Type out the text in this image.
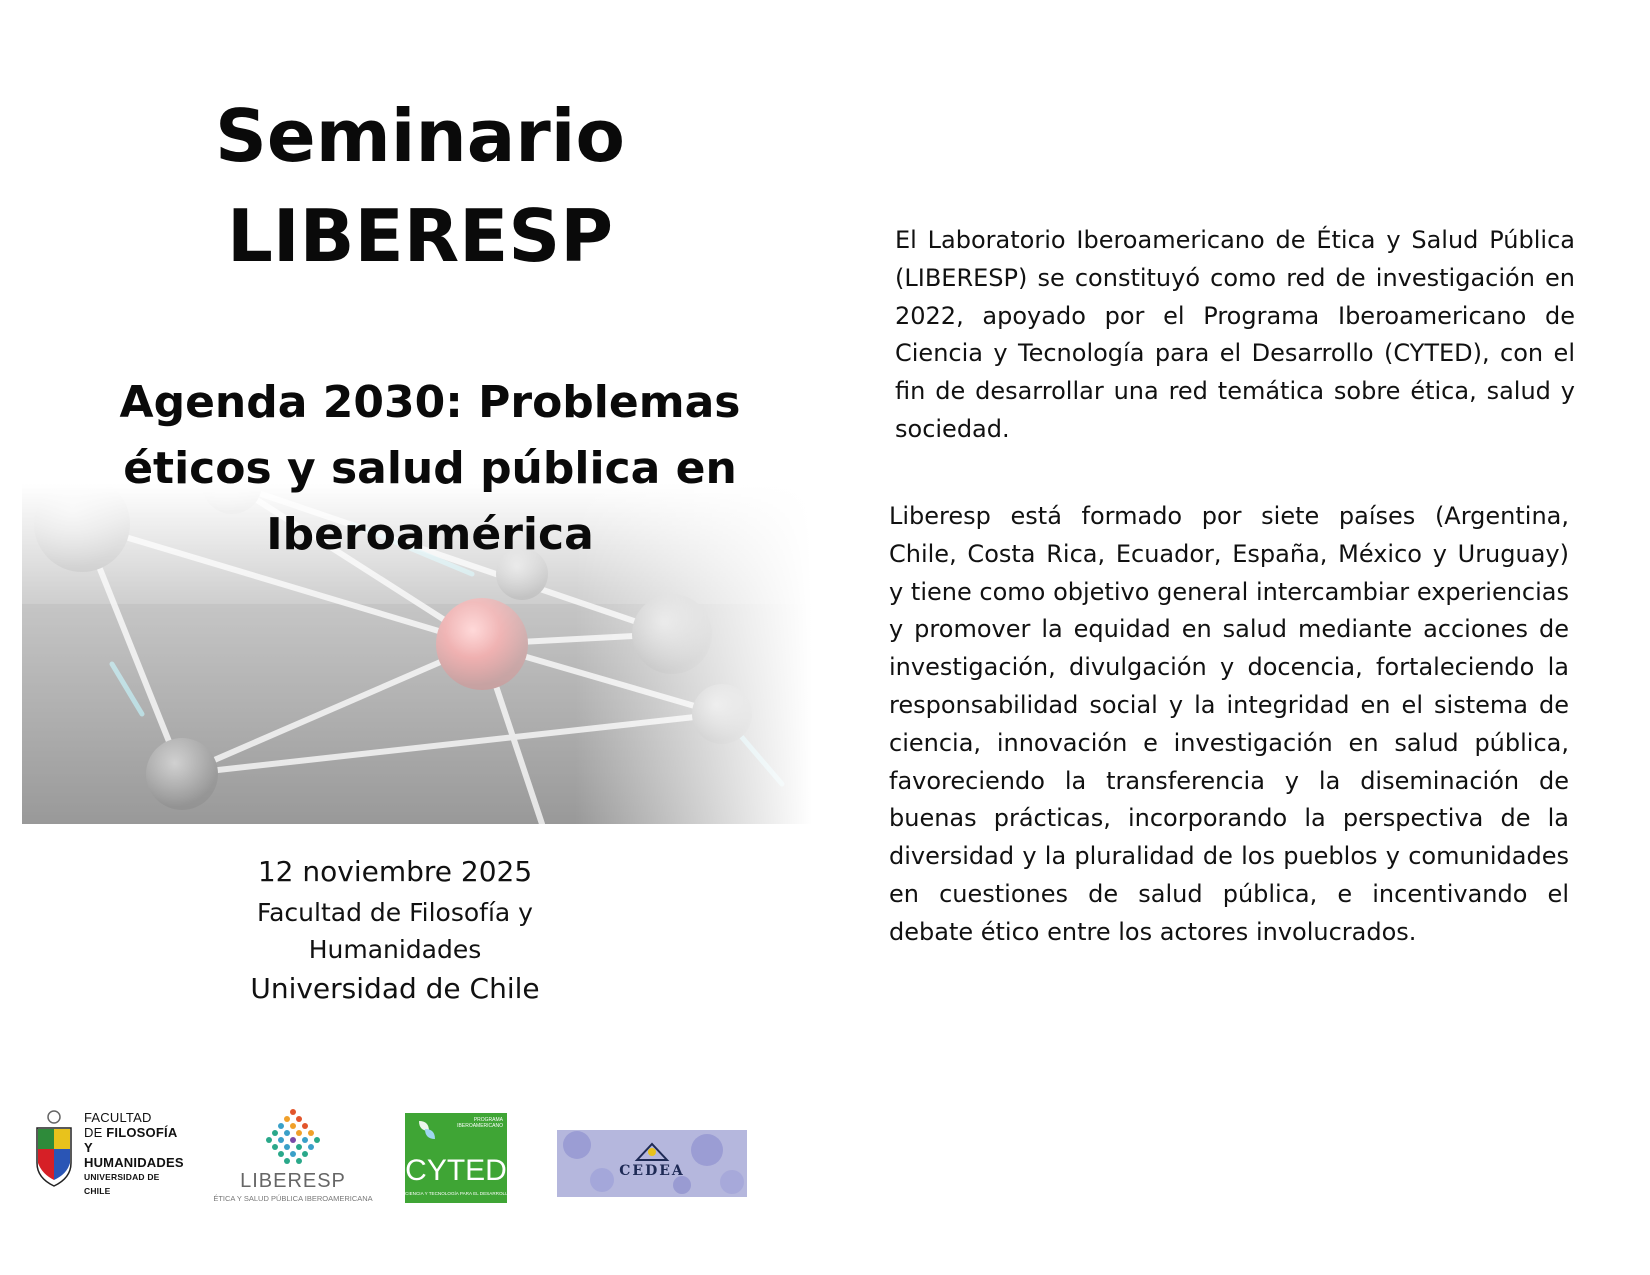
Seminario
LIBERESP
Agenda 2030: Problemas
éticos y salud pública en
Iberoamérica
12 noviembre 2025
Facultad de Filosofía y
Humanidades
Universidad de Chile
El Laboratorio Iberoamericano de Ética y Salud Pública (LIBERESP) se constituyó como red de investigación en 2022, apoyado por el Programa Iberoamericano de Ciencia y Tecnología para el Desarrollo (CYTED), con el fin de desarrollar una red temática sobre ética, salud y sociedad.
Liberesp está formado por siete países (Argentina, Chile, Costa Rica, Ecuador, España, México y Uruguay) y tiene como objetivo general intercambiar experiencias y promover la equidad en salud mediante acciones de investigación, divulgación y docencia, fortaleciendo la responsabilidad social y la integridad en el sistema de ciencia, innovación e investigación en salud pública, favoreciendo la transferencia y la diseminación de buenas prácticas, incorporando la perspectiva de la diversidad y la pluralidad de los pueblos y comunidades en cuestiones de salud pública, e incentivando el debate ético entre los actores involucrados.
FACULTAD
DE FILOSOFÍA
Y HUMANIDADES
UNIVERSIDAD DE CHILE	LIBERESP
ÉTICA Y SALUD PÚBLICA IBEROAMERICANA
PROGRAMA
IBEROAMERICANO
CYTED
CIENCIA Y TECNOLOGÍA PARA EL DESARROLLO
CEDEA
